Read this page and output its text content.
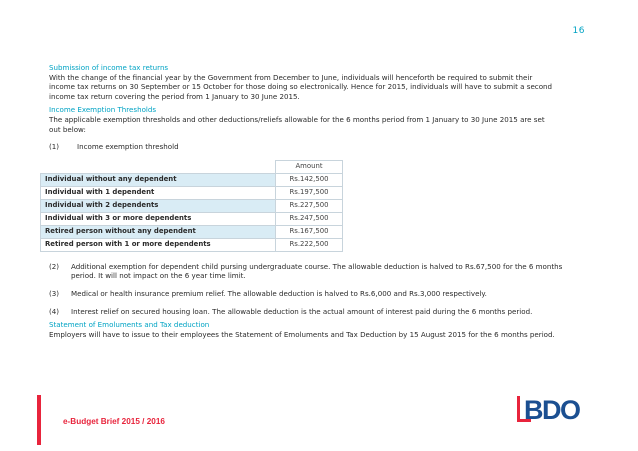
16
Submission of income tax returns
With the change of the financial year by the Government from December to June, individuals will henceforth be required to submit their
income tax returns on 30 September or 15 October for those doing so electronically. Hence for 2015, individuals will have to submit a second
income tax return covering the period from 1 January to 30 June 2015.
Income Exemption Thresholds
The applicable exemption thresholds and other deductions/reliefs allowable for the 6 months period from 1 January to 30 June 2015 are set
out below:
(1)	Income exemption threshold
	Amount
Individual without any dependent	Rs.142,500
Individual with 1 dependent	Rs.197,500
Individual with 2 dependents	Rs.227,500
Individual with 3 or more dependents	Rs.247,500
Retired person without any dependent	Rs.167,500
Retired person with 1 or more dependents	Rs.222,500
(2)	Additional exemption for dependent child pursing undergraduate course. The allowable deduction is halved to Rs.67,500 for the 6 months
period. It will not impact on the 6 year time limit.
(3)	Medical or health insurance premium relief. The allowable deduction is halved to Rs.6,000 and Rs.3,000 respectively.
(4)	Interest relief on secured housing loan. The allowable deduction is the actual amount of interest paid during the 6 months period.
Statement of Emoluments and Tax deduction
Employers will have to issue to their employees the Statement of Emoluments and Tax Deduction by 15 August 2015 for the 6 months period.
e-Budget Brief 2015 / 2016	BDO
